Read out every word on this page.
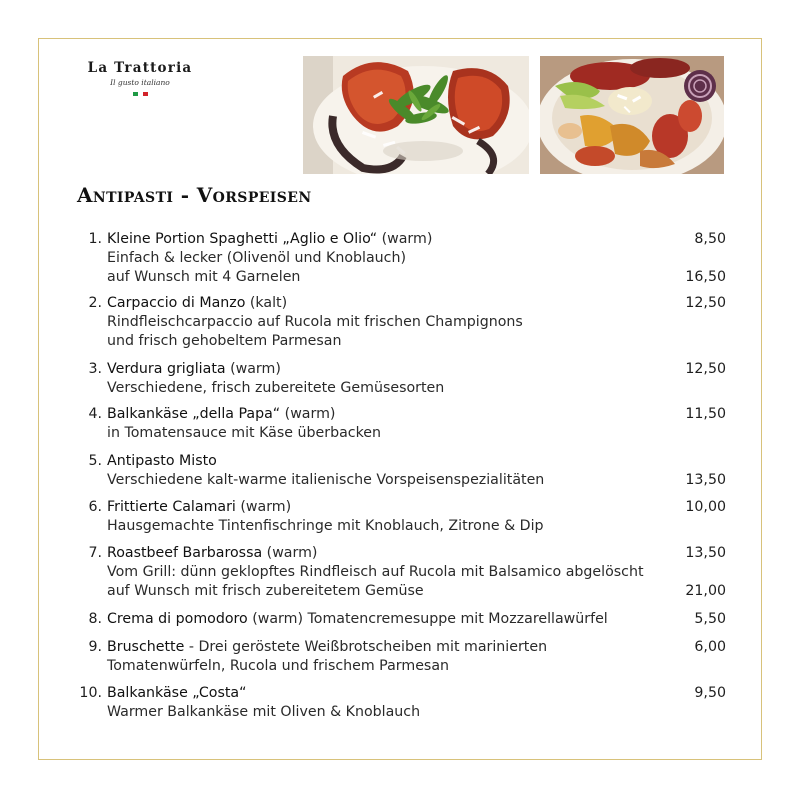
La Trattoria
Il gusto italiano
Antipasti - Vorspeisen
1. Kleine Portion Spaghetti „Aglio e Olio“ (warm)	8,50
Einfach & lecker (Olivenöl und Knoblauch)
auf Wunsch mit 4 Garnelen	16,50
2. Carpaccio di Manzo (kalt)	12,50
Rindfleischcarpaccio auf Rucola mit frischen Champignons
und frisch gehobeltem Parmesan
3. Verdura grigliata (warm)	12,50
Verschiedene, frisch zubereitete Gemüsesorten
4. Balkankäse „della Papa“ (warm)	11,50
in Tomatensauce mit Käse überbacken
5. Antipasto Misto
Verschiedene kalt-warme italienische Vorspeisenspezialitäten	13,50
6. Frittierte Calamari (warm)	10,00
Hausgemachte Tintenfischringe mit Knoblauch, Zitrone & Dip
7. Roastbeef Barbarossa (warm)	13,50
Vom Grill: dünn geklopftes Rindfleisch auf Rucola mit Balsamico abgelöscht
auf Wunsch mit frisch zubereitetem Gemüse	21,00
8. Crema di pomodoro (warm) Tomatencremesuppe mit Mozzarellawürfel	5,50
9. Bruschette - Drei geröstete Weißbrotscheiben mit marinierten	6,00
Tomatenwürfeln, Rucola und frischem Parmesan
10. Balkankäse „Costa“	9,50
Warmer Balkankäse mit Oliven & Knoblauch
